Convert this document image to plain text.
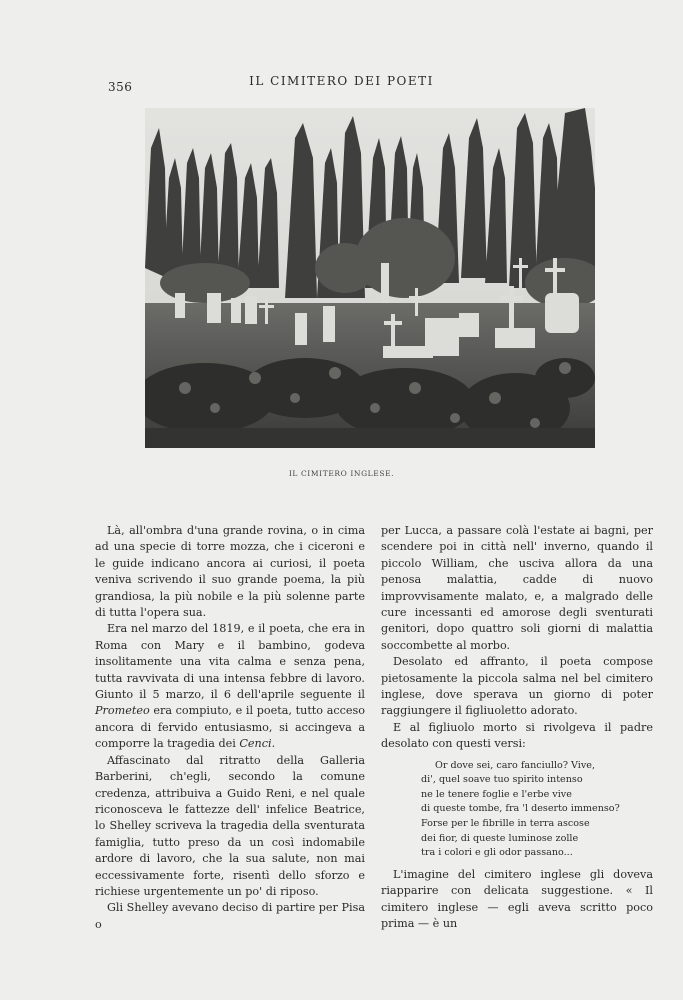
356	IL CIMITERO DEI POETI
IL CIMITERO INGLESE.

Là, all'ombra d'una grande rovina, o in cima ad una specie di torre mozza, che i ciceroni e le guide indicano ancora ai curiosi, il poeta veniva scrivendo il suo grande poema, la più grandiosa, la più nobile e la più solenne parte di tutta l'opera sua.

Era nel marzo del 1819, e il poeta, che era in Roma con Mary e il bambino, godeva insolitamente una vita calma e senza pena, tutta ravvivata di una intensa febbre di lavoro. Giunto il 5 marzo, il 6 dell'aprile seguente il Prometeo era compiuto, e il poeta, tutto acceso ancora di fervido entusiasmo, si accingeva a comporre la tragedia dei Cenci.

Affascinato dal ritratto della Galleria Barberini, ch'egli, secondo la comune credenza, attribuiva a Guido Reni, e nel quale riconosceva le fattezze dell' infelice Beatrice, lo Shelley scriveva la tragedia della sventurata famiglia, tutto preso da un così indomabile ardore di lavoro, che la sua salute, non mai eccessivamente forte, risentì dello sforzo e richiese urgentemente un po' di riposo.

Gli Shelley avevano deciso di partire per Pisa o

per Lucca, a passare colà l'estate ai bagni, per scendere poi in città nell' inverno, quando il piccolo William, che usciva allora da una penosa malattia, cadde di nuovo improvvisamente malato, e, a malgrado delle cure incessanti ed amorose degli sventurati genitori, dopo quattro soli giorni di malattia soccombette al morbo.

Desolato ed affranto, il poeta compose pietosamente la piccola salma nel bel cimitero inglese, dove sperava un giorno di poter raggiungere il figliuoletto adorato.

E al figliuolo morto si rivolgeva il padre desolato con questi versi:

Or dove sei, caro fanciullo? Vive,
di', quel soave tuo spirito intenso
ne le tenere foglie e l'erbe vive
di queste tombe, fra 'l deserto immenso?
Forse per le fibrille in terra ascose
dei fior, di queste luminose zolle
tra i colori e gli odor passano...

L'imagine del cimitero inglese gli doveva riapparire con delicata suggestione. « Il cimitero inglese — egli aveva scritto poco prima — è un
